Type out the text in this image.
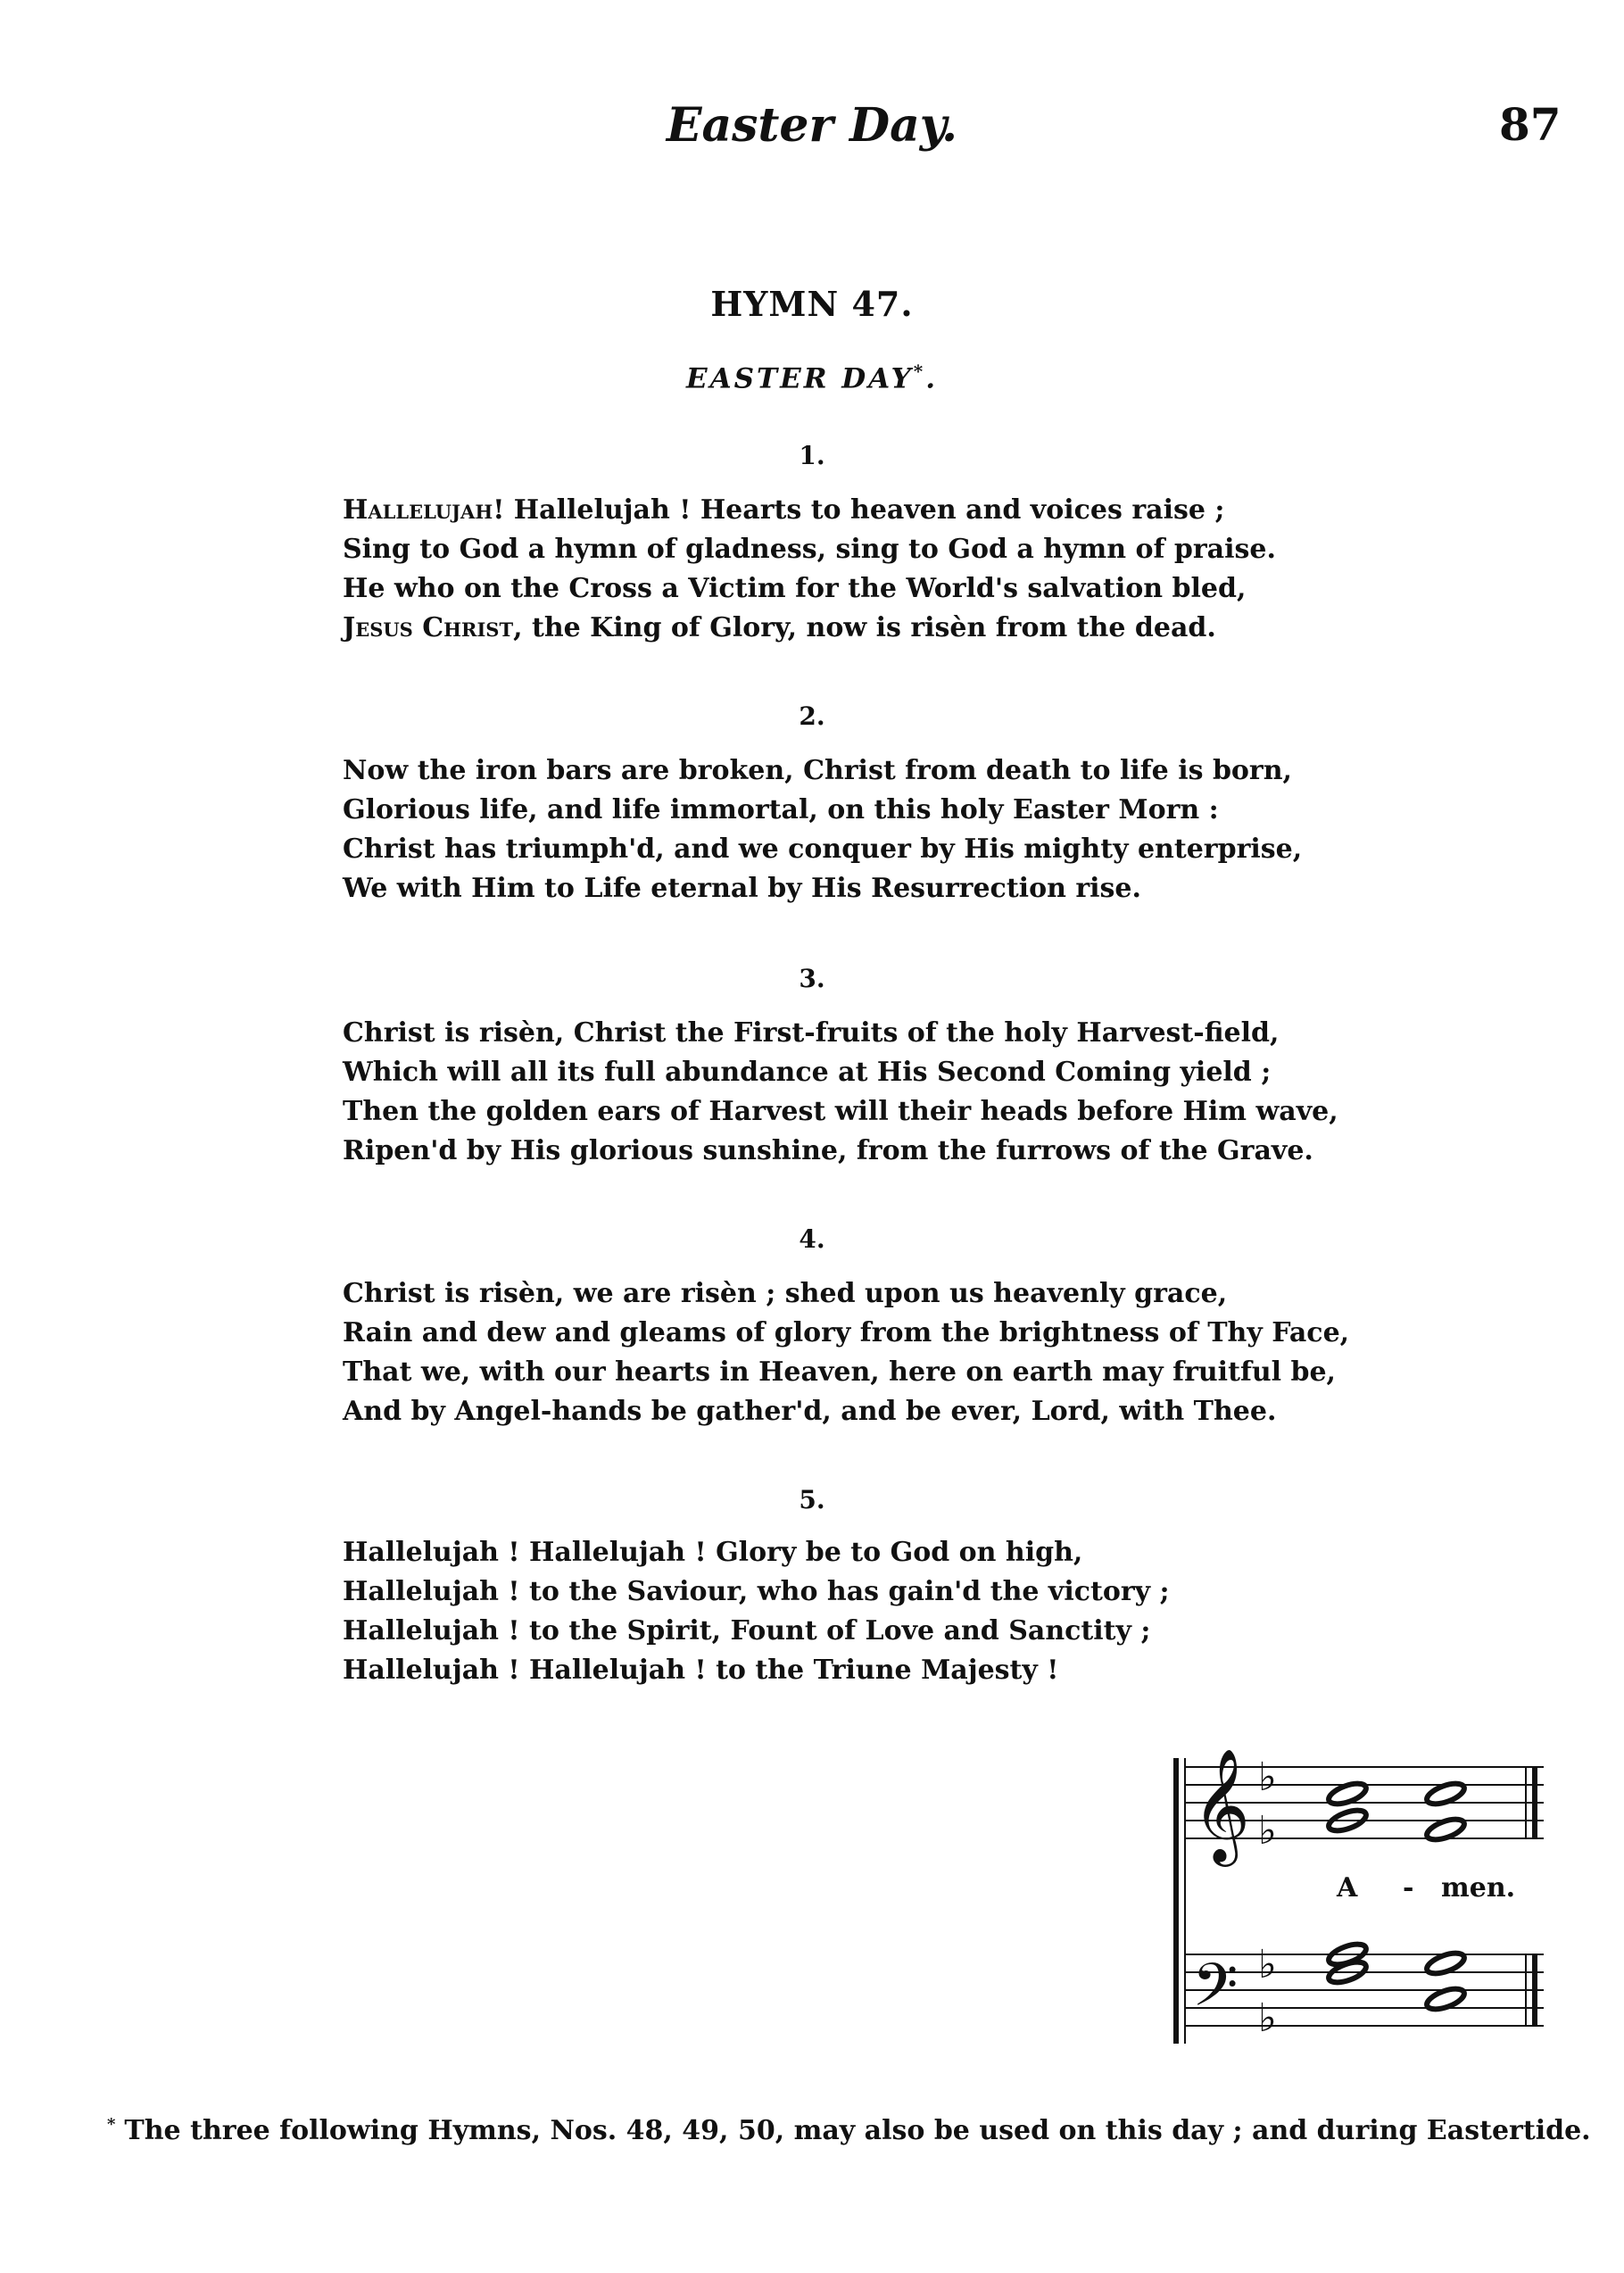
Easter Day.	87
HYMN 47.
EASTER DAY*.
1.
Hallelujah! Hallelujah ! Hearts to heaven and voices raise ;
Sing to God a hymn of gladness, sing to God a hymn of praise.
He who on the Cross a Victim for the World's salvation bled,
Jesus Christ, the King of Glory, now is risèn from the dead.
2.
Now the iron bars are broken, Christ from death to life is born,
Glorious life, and life immortal, on this holy Easter Morn :
Christ has triumph'd, and we conquer by His mighty enterprise,
We with Him to Life eternal by His Resurrection rise.
3.
Christ is risèn, Christ the First-fruits of the holy Harvest-field,
Which will all its full abundance at His Second Coming yield ;
Then the golden ears of Harvest will their heads before Him wave,
Ripen'd by His glorious sunshine, from the furrows of the Grave.
4.
Christ is risèn, we are risèn ; shed upon us heavenly grace,
Rain and dew and gleams of glory from the brightness of Thy Face,
That we, with our hearts in Heaven, here on earth may fruitful be,
And by Angel-hands be gather'd, and be ever, Lord, with Thee.
5.
Hallelujah ! Hallelujah ! Glory be to God on high,
Hallelujah ! to the Saviour, who has gain'd the victory ;
Hallelujah ! to the Spirit, Fount of Love and Sanctity ;
Hallelujah ! Hallelujah ! to the Triune Majesty !
𝄞
𝄢
♭
♭
♭
♭
A - men.
* The three following Hymns, Nos. 48, 49, 50, may also be used on this day ; and during Eastertide.
